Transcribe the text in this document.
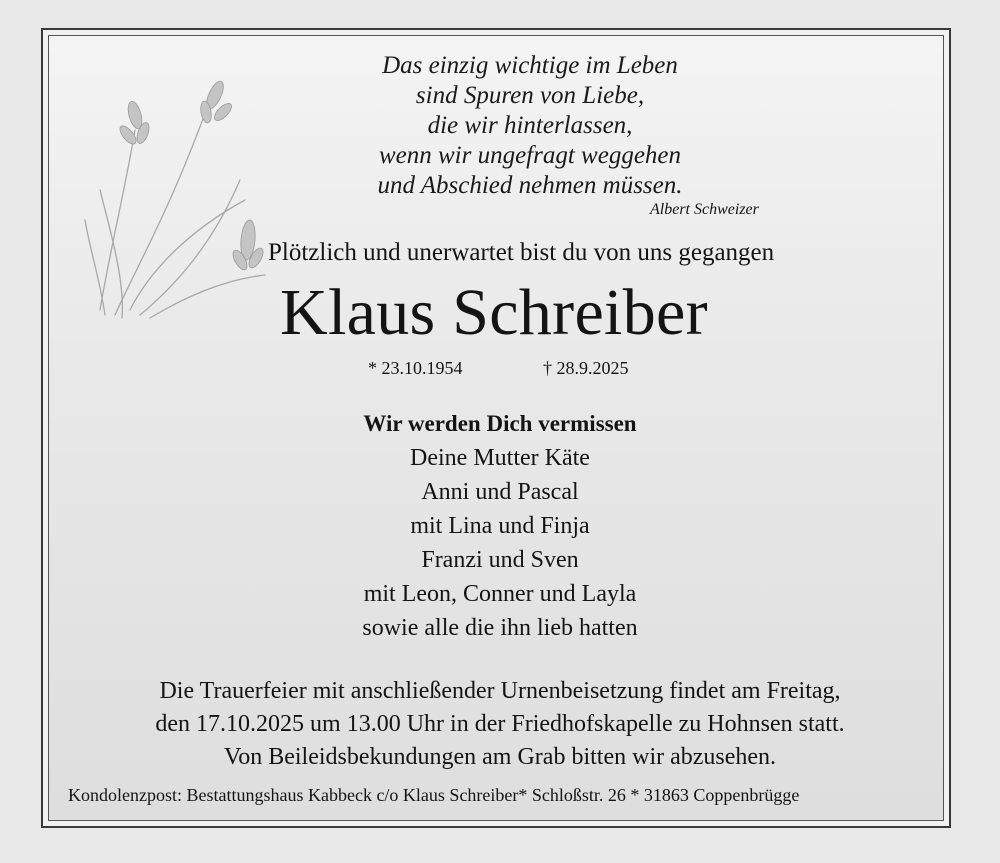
Das einzig wichtige im Leben
sind Spuren von Liebe,
die wir hinterlassen,
wenn wir ungefragt weggehen
und Abschied nehmen müssen.
Albert Schweizer
Plötzlich und unerwartet bist du von uns gegangen
Klaus Schreiber
* 23.10.1954	† 28.9.2025
Wir werden Dich vermissen
Deine Mutter Käte
Anni und Pascal
mit Lina und Finja
Franzi und Sven
mit Leon, Conner und Layla
sowie alle die ihn lieb hatten
Die Trauerfeier mit anschließender Urnenbeisetzung findet am Freitag,
den 17.10.2025 um 13.00 Uhr in der Friedhofskapelle zu Hohnsen statt.
Von Beileidsbekundungen am Grab bitten wir abzusehen.
Kondolenzpost: Bestattungshaus Kabbeck c/o Klaus Schreiber* Schloßstr. 26 * 31863 Coppenbrügge
